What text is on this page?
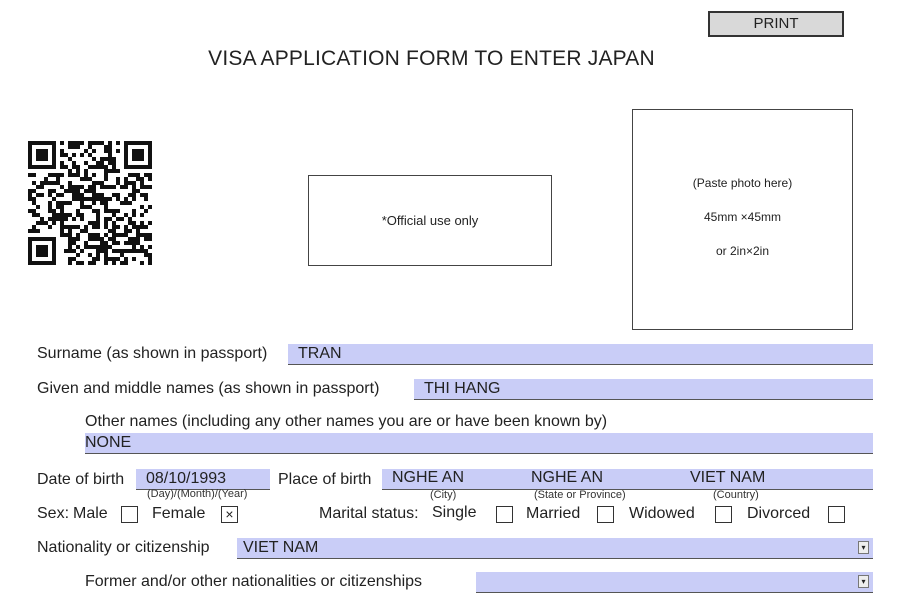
PRINT
VISA APPLICATION FORM TO ENTER JAPAN
*Official use only
(Paste photo here)
45mm ×45mm
or 2in×2in
Surname (as shown in passport)	TRAN
Given and middle names (as shown in passport)	THI HANG
Other names (including any other names you are or have been known by)
NONE
Date of birth	08/10/1993
(Day)/(Month)/(Year)
Place of birth NGHE AN	NGHE AN	VIET NAM
(City)	(State or Province)	(Country)
Sex: Male	Female	×	Marital status: Single	Married	Widowed	Divorced
Nationality or citizenship	VIET NAM	▾
Former and/or other nationalities or citizenships	▾
